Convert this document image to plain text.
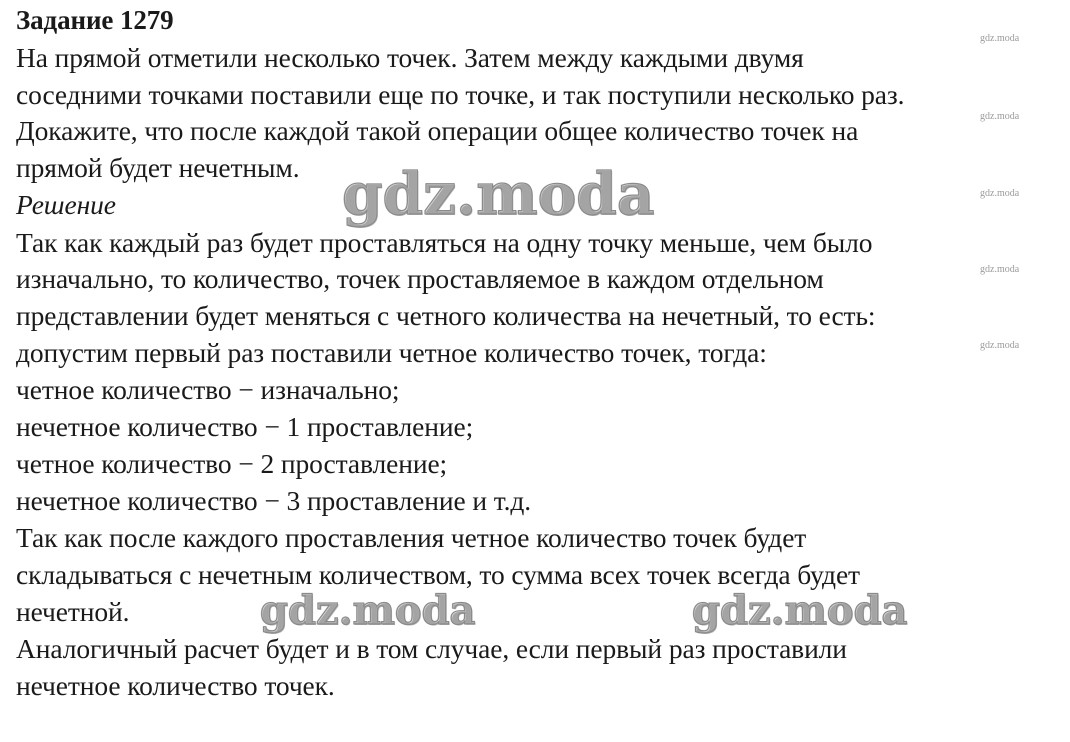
Задание 1279
На прямой отметили несколько точек. Затем между каждыми двумя
соседними точками поставили еще по точке, и так поступили несколько раз.
Докажите, что после каждой такой операции общее количество точек на
прямой будет нечетным.
Решение
Так как каждый раз будет проставляться на одну точку меньше, чем было
изначально, то количество, точек проставляемое в каждом отдельном
представлении будет меняться с четного количества на нечетный, то есть:
допустим первый раз поставили четное количество точек, тогда:
четное количество − изначально;
нечетное количество − 1 проставление;
четное количество − 2 проставление;
нечетное количество − 3 проставление и т.д.
Так как после каждого проставления четное количество точек будет
складываться с нечетным количеством, то сумма всех точек всегда будет
нечетной.
Аналогичный расчет будет и в том случае, если первый раз проставили
нечетное количество точек.
gdz.moda
gdz.moda
gdz.moda
gdz.moda
gdz.moda
gdz.moda
gdz.moda	gdz.moda
